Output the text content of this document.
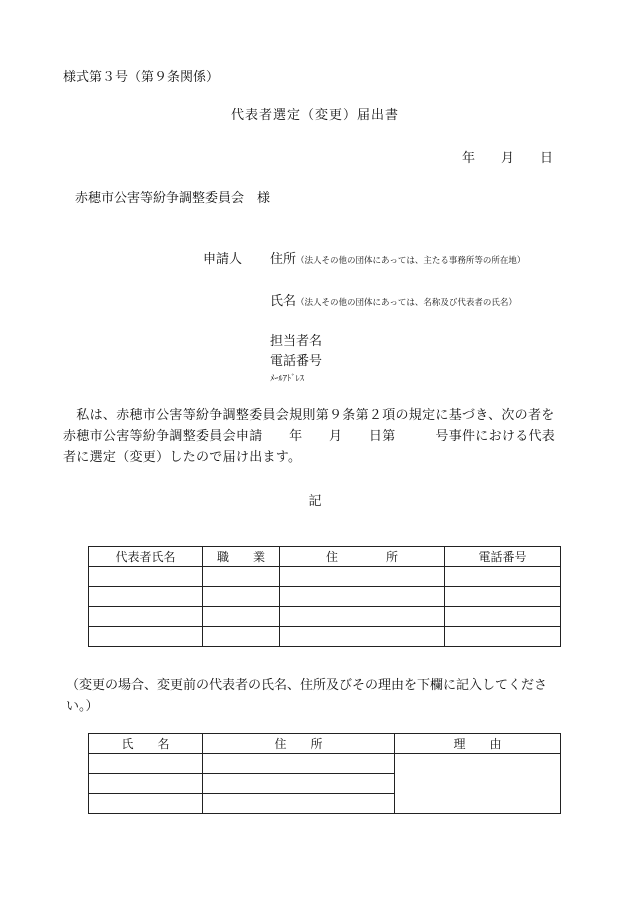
様式第３号（第９条関係）
代表者選定（変更）届出書
年 月 日
赤穂市公害等紛争調整委員会　様
申請人 住所（法人その他の団体にあっては、主たる事務所等の所在地）
氏名（法人その他の団体にあっては、名称及び代表者の氏名）
担当者名
電話番号
ﾒｰﾙｱﾄﾞﾚｽ
　私は、赤穂市公害等紛争調整委員会規則第９条第２項の規定に基づき、次の者を赤穂市公害等紛争調整委員会申請　　年　　月　　日第　　　号事件における代表者に選定（変更）したので届け出ます。
記
代表者氏名	職　　業	住　　　　所	電話番号

（変更の場合、変更前の代表者の氏名、住所及びその理由を下欄に記入してください。）
氏　　名	住　　所	理　　由
